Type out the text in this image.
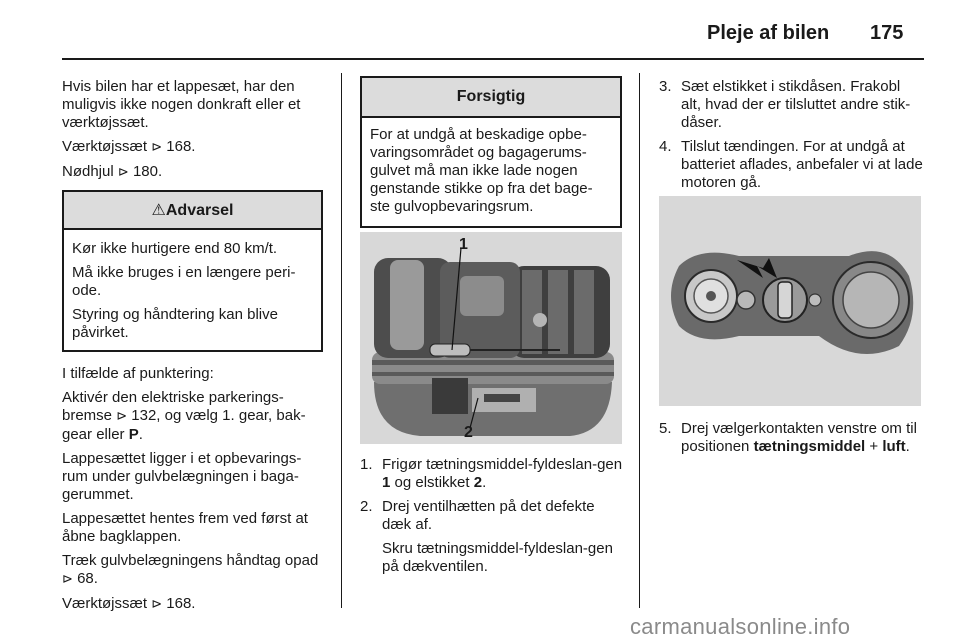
Pleje af bilen 175

Hvis bilen har et lappesæt, har den muligvis ikke nogen donkraft eller et værktøjssæt.

Værktøjssæt ⊳ 168.

Nødhjul ⊳ 180.

⚠Advarsel

Kør ikke hurtigere end 80 km/t.

Må ikke bruges i en længere peri-ode.

Styring og håndtering kan blive påvirket.

I tilfælde af punktering:

Aktivér den elektriske parkerings-bremse ⊳ 132, og vælg 1. gear, bak-gear eller P.

Lappesættet ligger i et opbevarings-rum under gulvbelægningen i baga-gerummet.

Lappesættet hentes frem ved først at åbne bagklappen.

Træk gulvbelægningens håndtag opad ⊳ 68.

Værktøjssæt ⊳ 168.

Forsigtig

For at undgå at beskadige opbe-varingsområdet og bagagerums-gulvet må man ikke lade nogen genstande stikke op fra det bage-ste gulvopbevaringsrum.

1
2
1. Frigør tætningsmiddel-fyldeslan-gen 1 og elstikket 2.
2. Drej ventilhætten på det defekte dæk af.
Skru tætningsmiddel-fyldeslan-gen på dækventilen.
3. Sæt elstikket i stikdåsen. Frakobl alt, hvad der er tilsluttet andre stik-dåser.
4. Tilslut tændingen. For at undgå at batteriet aflades, anbefaler vi at lade motoren gå.
5. Drej vælgerkontakten venstre om til positionen tætningsmiddel + luft.
carmanualsonline.info
